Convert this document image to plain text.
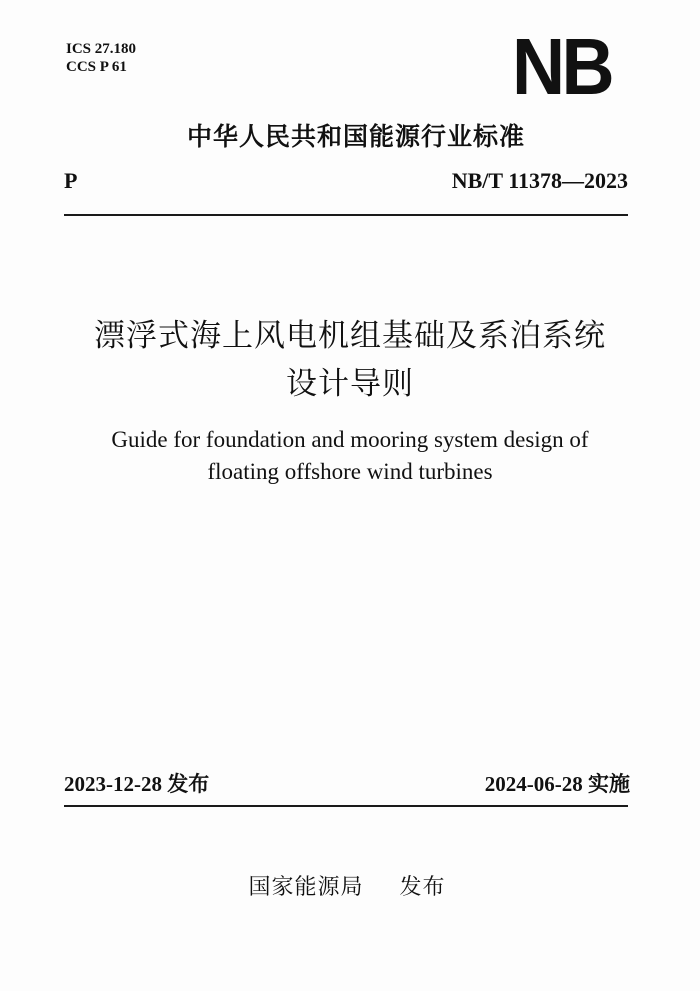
ICS 27.180
CCS P 61	NB
中华人民共和国能源行业标准
P	NB/T 11378—2023
漂浮式海上风电机组基础及系泊系统
设计导则
Guide for foundation and mooring system design of
floating offshore wind turbines
2023-12-28 发布	2024-06-28 实施
国家能源局 发布
